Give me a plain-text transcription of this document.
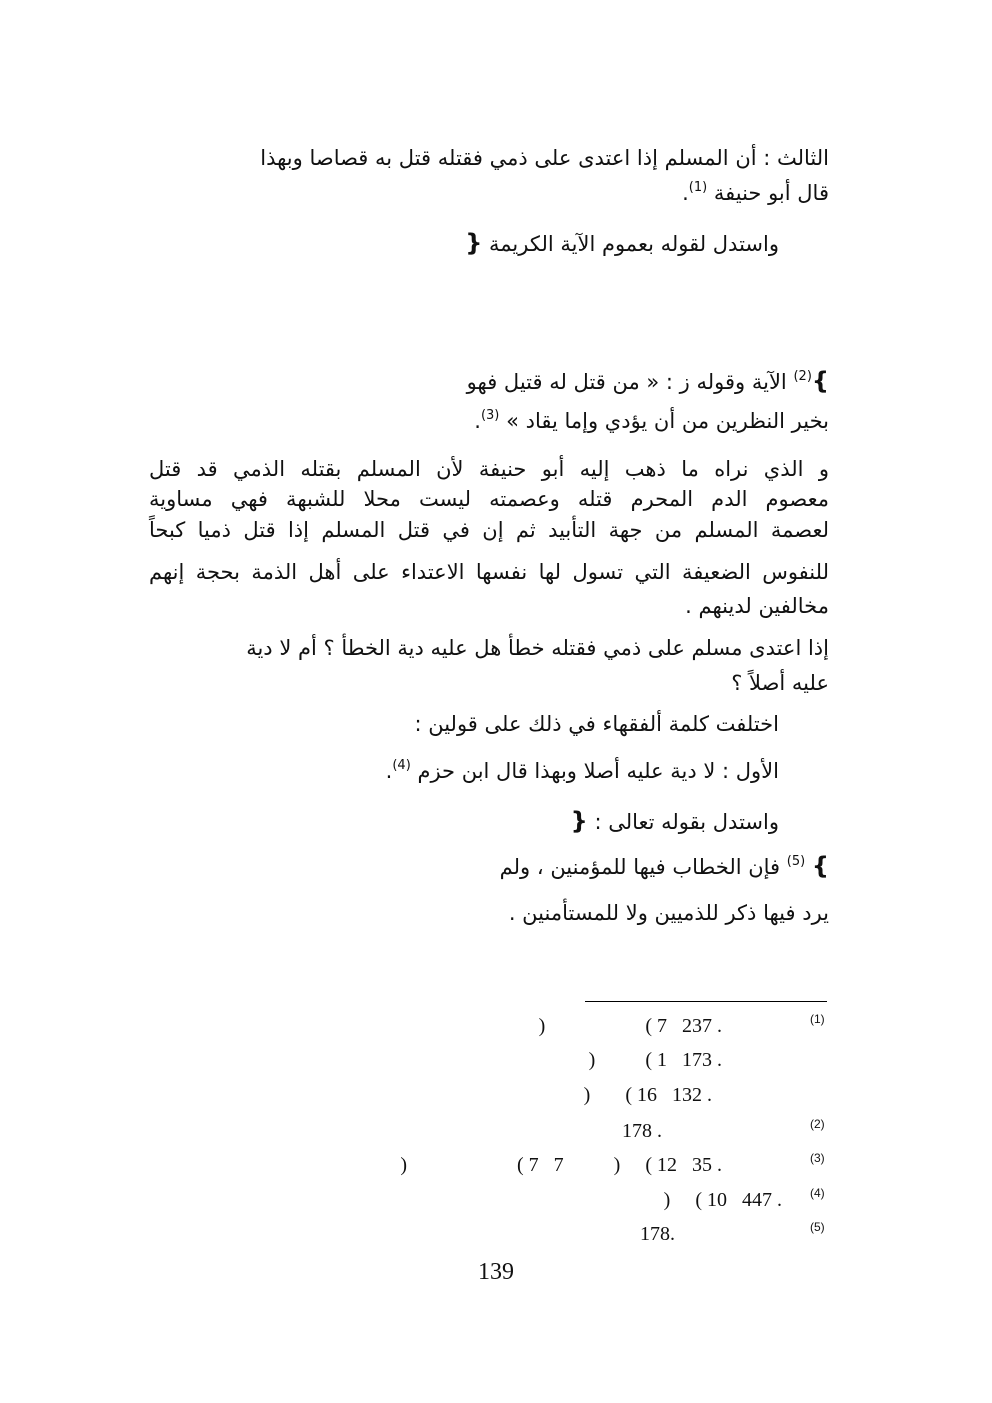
الثالث : أن المسلم إذا اعتدى على ذمي فقتله قتل به قصاصا وبهذا
قال أبو حنيفة $^{(1)}$.
واستدل لقوله بعموم الآية الكريمة {
}$^{(2)}$ الآية وقوله ز : « من قتل له قتيل فهو
بخير النظرين من أن يؤدي وإما يقاد » $^{(3)}$.
و الذي نراه ما ذهب إليه أبو حنيفة لأن المسلم بقتله الذمي قد قتل
معصوم الدم المحرم قتله وعصمته ليست محلا للشبهة فهي مساوية
لعصمة المسلم من جهة التأبيد ثم إن في قتل المسلم إذا قتل ذميا كبحاً
للنفوس الضعيفة التي تسول لها نفسها الاعتداء على أهل الذمة بحجة إنهم
مخالفين لدينهم .
إذا اعتدى مسلم على ذمي فقتله خطأ هل عليه دية الخطأ ؟ أم لا دية
عليه أصلاً ؟
اختلفت كلمة ألفقهاء في ذلك على قولين :
الأول : لا دية عليه أصلا وبهذا قال ابن حزم $^{(4)}$.
واستدل بقوله تعالى : {
} $^{(5)}$ فإن الخطاب فيها للمؤمنين ، ولم
يرد فيها ذكر للذميين ولا للمستأمنين .
(1)
)                    ( 7   237 .
)          ( 1   173 .
)       ( 16   132 .
(2)
178 .
(3)
)                      ( 7   7          )     ( 12   35 .
(4)
)     ( 10   447 .
(5)
178.
139
